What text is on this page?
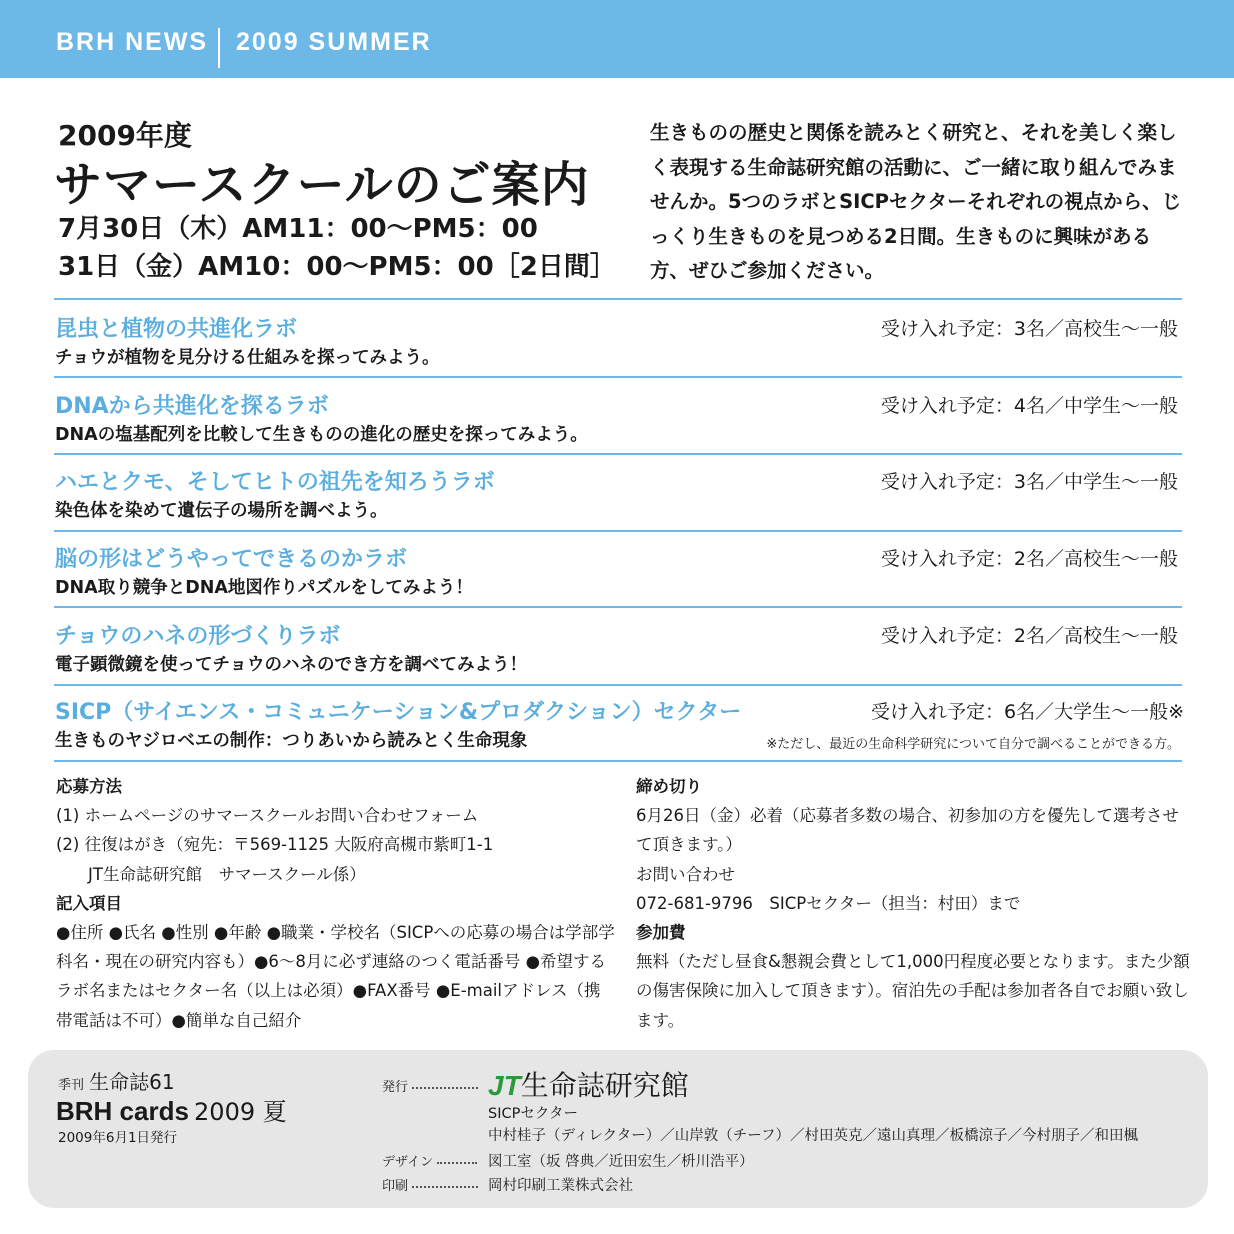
BRH NEWS 2009 SUMMER
2009年度
サマースクールのご案内
7月30日（木）AM11：00～PM5：00
31日（金）AM10：00～PM5：00［2日間］
生きものの歴史と関係を読みとく研究と、それを美しく楽しく表現する生命誌研究館の活動に、ご一緒に取り組んでみませんか。5つのラボとSICPセクターそれぞれの視点から、じっくり生きものを見つめる2日間。生きものに興味がある方、ぜひご参加ください。
昆虫と植物の共進化ラボ	受け入れ予定：3名／高校生～一般
チョウが植物を見分ける仕組みを探ってみよう。
DNAから共進化を探るラボ	受け入れ予定：4名／中学生～一般
DNAの塩基配列を比較して生きものの進化の歴史を探ってみよう。
ハエとクモ、そしてヒトの祖先を知ろうラボ	受け入れ予定：3名／中学生～一般
染色体を染めて遺伝子の場所を調べよう。
脳の形はどうやってできるのかラボ	受け入れ予定：2名／高校生～一般
DNA取り競争とDNA地図作りパズルをしてみよう！
チョウのハネの形づくりラボ	受け入れ予定：2名／高校生～一般
電子顕微鏡を使ってチョウのハネのでき方を調べてみよう！
SICP（サイエンス・コミュニケーション&プロダクション）セクター	受け入れ予定：6名／大学生～一般※
生きものヤジロベエの制作：つりあいから読みとく生命現象	※ただし、最近の生命科学研究について自分で調べることができる方。
応募方法
(1) ホームページのサマースクールお問い合わせフォーム
(2) 往復はがき（宛先：〒569-1125 大阪府高槻市紫町1-1
JT生命誌研究館　サマースクール係）
記入項目
●住所 ●氏名 ●性別 ●年齢 ●職業・学校名（SICPへの応募の場合は学部学科名・現在の研究内容も）●6～8月に必ず連絡のつく電話番号 ●希望するラボ名またはセクター名（以上は必須）●FAX番号 ●E-mailアドレス（携帯電話は不可）●簡単な自己紹介
締め切り
6月26日（金）必着（応募者多数の場合、初参加の方を優先して選考させて頂きます。）
お問い合わせ
072-681-9796　SICPセクター（担当：村田）まで
参加費
無料（ただし昼食&懇親会費として1,000円程度必要となります。また少額の傷害保険に加入して頂きます）。宿泊先の手配は参加者各自でお願い致します。
季刊 生命誌61
BRH cards 2009 夏
2009年6月1日発行
発行	JT生命誌研究館
SICPセクター
中村桂子（ディレクター）／山岸敦（チーフ）／村田英克／遠山真理／板橋涼子／今村朋子／和田楓
デザイン	図工室（坂 啓典／近田宏生／枡川浩平）
印刷	岡村印刷工業株式会社
